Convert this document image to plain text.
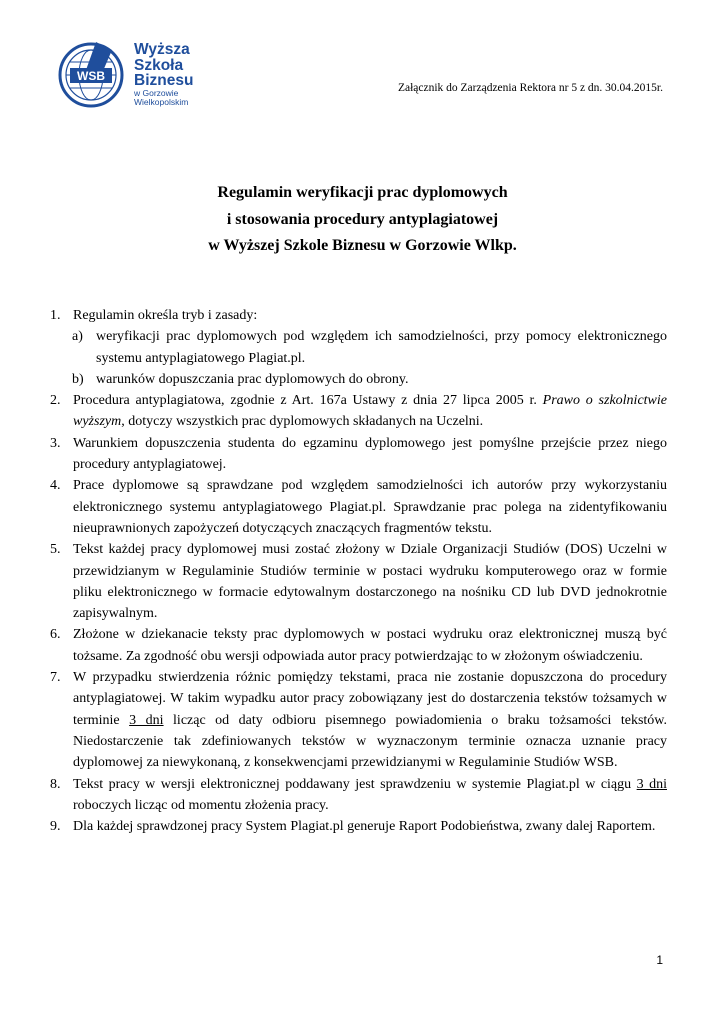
WSB
Wyższa
Szkoła
Biznesu
w Gorzowie
Wielkopolskim
Załącznik do Zarządzenia Rektora nr 5 z dn. 30.04.2015r.
Regulamin weryfikacji prac dyplomowych
i stosowania procedury antyplagiatowej
w Wyższej Szkole Biznesu w Gorzowie Wlkp.
1. Regulamin określa tryb i zasady:
a) weryfikacji prac dyplomowych pod względem ich samodzielności, przy pomocy elektronicznego systemu antyplagiatowego Plagiat.pl.
b) warunków dopuszczania prac dyplomowych do obrony.
2. Procedura antyplagiatowa, zgodnie z Art. 167a Ustawy z dnia 27 lipca 2005 r. Prawo o szkolnictwie wyższym, dotyczy wszystkich prac dyplomowych składanych na Uczelni.
3. Warunkiem dopuszczenia studenta do egzaminu dyplomowego jest pomyślne przejście przez niego procedury antyplagiatowej.
4. Prace dyplomowe są sprawdzane pod względem samodzielności ich autorów przy wykorzystaniu elektronicznego systemu antyplagiatowego Plagiat.pl. Sprawdzanie prac polega na zidentyfikowaniu nieuprawnionych zapożyczeń dotyczących znaczących fragmentów tekstu.
5. Tekst każdej pracy dyplomowej musi zostać złożony w Dziale Organizacji Studiów (DOS) Uczelni w przewidzianym w Regulaminie Studiów terminie w postaci wydruku komputerowego oraz w formie pliku elektronicznego w formacie edytowalnym dostarczonego na nośniku CD lub DVD jednokrotnie zapisywalnym.
6. Złożone w dziekanacie teksty prac dyplomowych w postaci wydruku oraz elektronicznej muszą być tożsame. Za zgodność obu wersji odpowiada autor pracy potwierdzając to w złożonym oświadczeniu.
7. W przypadku stwierdzenia różnic pomiędzy tekstami, praca nie zostanie dopuszczona do procedury antyplagiatowej. W takim wypadku autor pracy zobowiązany jest do dostarczenia tekstów tożsamych w terminie 3 dni licząc od daty odbioru pisemnego powiadomienia o braku tożsamości tekstów. Niedostarczenie tak zdefiniowanych tekstów w wyznaczonym terminie oznacza uznanie pracy dyplomowej za niewykonaną, z konsekwencjami przewidzianymi w Regulaminie Studiów WSB.
8. Tekst pracy w wersji elektronicznej poddawany jest sprawdzeniu w systemie Plagiat.pl w ciągu 3 dni roboczych licząc od momentu złożenia pracy.
9. Dla każdej sprawdzonej pracy System Plagiat.pl generuje Raport Podobieństwa, zwany dalej Raportem.
1
